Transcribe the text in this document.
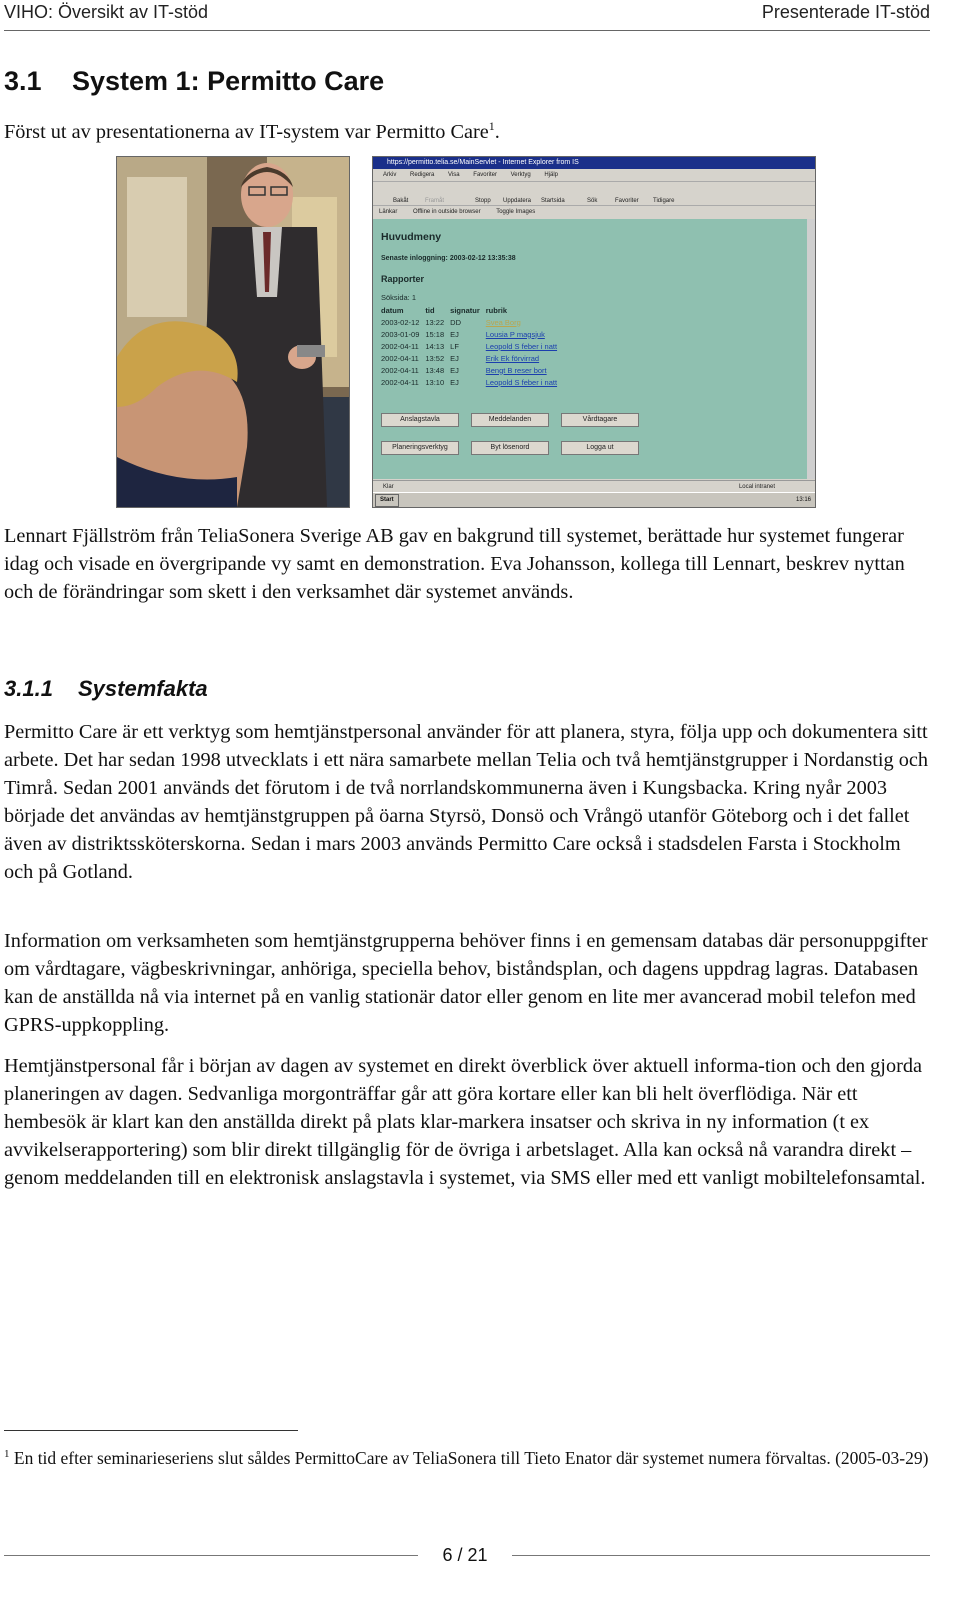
VIHO: Översikt av IT-stöd	Presenterade IT-stöd
3.1 System 1: Permitto Care

Först ut av presentationerna av IT-system var Permitto Care$^1$.

https://permitto.telia.se/MainServlet - Internet Explorer from IS
Arkiv Redigera Visa Favoriter Verktyg Hjälp
Bakåt	Framåt	Stopp Uppdatera Startsida	Sök	Favoriter Tidigare
Länkar	Offline in outside browser	Toggle Images
Huvudmeny
Senaste inloggning: 2003-02-12 13:35:38
Rapporter
Söksida: 1
datum	tid	signatur	rubrik
2003-02-12	13:22	DD	Svea Borg
2003-01-09	15:18	EJ	Lousia P magsjuk
2002-04-11	14:13	LF	Leopold S feber i natt
2002-04-11	13:52	EJ	Erik Ek förvirrad
2002-04-11	13:48	EJ	Bengt B reser bort
2002-04-11	13:10	EJ	Leopold S feber i natt
Anslagstavla	Meddelanden	Vårdtagare
Planeringsverktyg	Byt lösenord	Logga ut
Klar	Local intranet
Start	13:16

Lennart Fjällström från TeliaSonera Sverige AB gav en bakgrund till systemet, berättade hur systemet fungerar idag och visade en övergripande vy samt en demonstration. Eva Johansson, kollega till Lennart, beskrev nyttan och de förändringar som skett i den verksamhet där systemet används.

3.1.1 Systemfakta

Permitto Care är ett verktyg som hemtjänstpersonal använder för att planera, styra, följa upp och dokumentera sitt arbete. Det har sedan 1998 utvecklats i ett nära samarbete mellan Telia och två hemtjänstgrupper i Nordanstig och Timrå. Sedan 2001 används det förutom i de två norrlandskommunerna även i Kungsbacka. Kring nyår 2003 började det användas av hemtjänstgruppen på öarna Styrsö, Donsö och Vrångö utanför Göteborg och i det fallet även av distriktssköterskorna. Sedan i mars 2003 används Permitto Care också i stadsdelen Farsta i Stockholm och på Gotland.

Information om verksamheten som hemtjänstgrupperna behöver finns i en gemensam databas där personuppgifter om vårdtagare, vägbeskrivningar, anhöriga, speciella behov, biståndsplan, och dagens uppdrag lagras. Databasen kan de anställda nå via internet på en vanlig stationär dator eller genom en lite mer avancerad mobil telefon med GPRS-uppkoppling.

Hemtjänstpersonal får i början av dagen av systemet en direkt överblick över aktuell informa-tion och den gjorda planeringen av dagen. Sedvanliga morgonträffar går att göra kortare eller kan bli helt överflödiga. När ett hembesök är klart kan den anställda direkt på plats klar-markera insatser och skriva in ny information (t ex avvikelserapportering) som blir direkt tillgänglig för de övriga i arbetslaget. Alla kan också nå varandra direkt – genom meddelanden till en elektronisk anslagstavla i systemet, via SMS eller med ett vanligt mobiltelefonsamtal.

$^1$ En tid efter seminarieseriens slut såldes PermittoCare av TeliaSonera till Tieto Enator där systemet numera förvaltas. (2005-03-29)

6 / 21
